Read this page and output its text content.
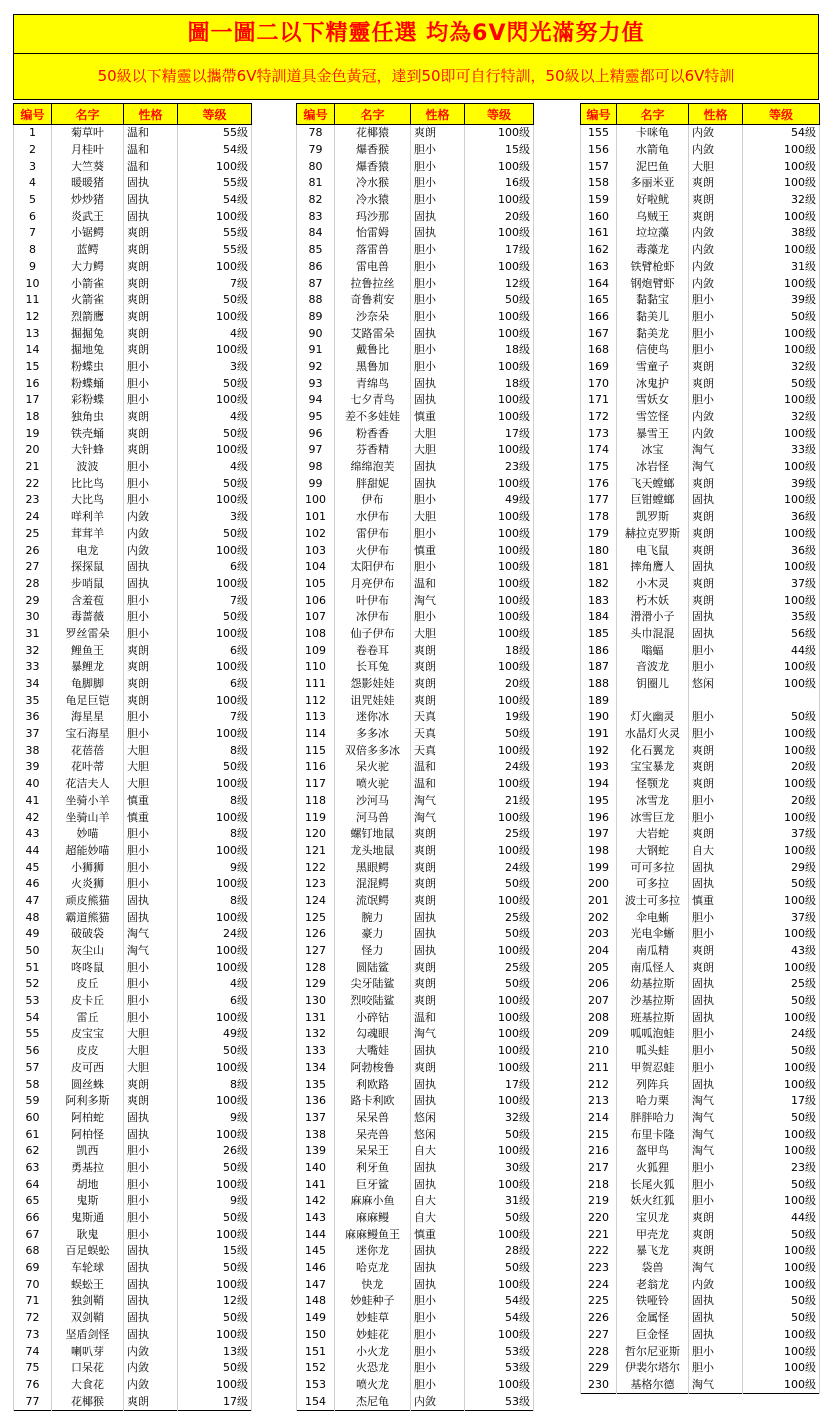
圖一圖二以下精靈任選 均為6V閃光滿努力值
50級以下精靈以攜帶6V特訓道具金色黃冠，達到50即可自行特訓，50級以上精靈都可以6V特訓
编号	名字	性格	等级
1	菊草叶	温和	55级
2	月桂叶	温和	54级
3	大竺葵	温和	100级
4	暖暖猪	固执	55级
5	炒炒猪	固执	54级
6	炎武王	固执	100级
7	小锯鳄	爽朗	55级
8	蓝鳄	爽朗	55级
9	大力鳄	爽朗	100级
10	小箭雀	爽朗	7级
11	火箭雀	爽朗	50级
12	烈箭鹰	爽朗	100级
13	掘掘兔	爽朗	4级
14	掘地兔	爽朗	100级
15	粉蝶虫	胆小	3级
16	粉蝶蛹	胆小	50级
17	彩粉蝶	胆小	100级
18	独角虫	爽朗	4级
19	铁壳蛹	爽朗	50级
20	大针蜂	爽朗	100级
21	波波	胆小	4级
22	比比鸟	胆小	50级
23	大比鸟	胆小	100级
24	咩利羊	内敛	3级
25	茸茸羊	内敛	50级
26	电龙	内敛	100级
27	探探鼠	固执	6级
28	步哨鼠	固执	100级
29	含羞苞	胆小	7级
30	毒蔷薇	胆小	50级
31	罗丝雷朵	胆小	100级
32	鲤鱼王	爽朗	6级
33	暴鲤龙	爽朗	100级
34	龟脚脚	爽朗	6级
35	龟足巨铠	爽朗	100级
36	海星星	胆小	7级
37	宝石海星	胆小	100级
38	花蓓蓓	大胆	8级
39	花叶蒂	大胆	50级
40	花洁夫人	大胆	100级
41	坐骑小羊	慎重	8级
42	坐骑山羊	慎重	100级
43	妙喵	胆小	8级
44	超能妙喵	胆小	100级
45	小狮狮	胆小	9级
46	火炎狮	胆小	100级
47	顽皮熊猫	固执	8级
48	霸道熊猫	固执	100级
49	破破袋	淘气	24级
50	灰尘山	淘气	100级
51	咚咚鼠	胆小	100级
52	皮丘	胆小	4级
53	皮卡丘	胆小	6级
54	雷丘	胆小	100级
55	皮宝宝	大胆	49级
56	皮皮	大胆	50级
57	皮可西	大胆	100级
58	圆丝蛛	爽朗	8级
59	阿利多斯	爽朗	100级
60	阿柏蛇	固执	9级
61	阿柏怪	固执	100级
62	凯西	胆小	26级
63	勇基拉	胆小	50级
64	胡地	胆小	100级
65	鬼斯	胆小	9级
66	鬼斯通	胆小	50级
67	耿鬼	胆小	100级
68	百足蜈蚣	固执	15级
69	车轮球	固执	50级
70	蜈蚣王	固执	100级
71	独剑鞘	固执	12级
72	双剑鞘	固执	50级
73	坚盾剑怪	固执	100级
74	喇叭芽	内敛	13级
75	口呆花	内敛	50级
76	大食花	内敛	100级
77	花椰猴	爽朗	17级
编号	名字	性格	等级
78	花椰猿	爽朗	100级
79	爆香猴	胆小	15级
80	爆香猿	胆小	100级
81	冷水猴	胆小	16级
82	冷水猿	胆小	100级
83	玛沙那	固执	20级
84	怡雷姆	固执	100级
85	落雷兽	胆小	17级
86	雷电兽	胆小	100级
87	拉鲁拉丝	胆小	12级
88	奇鲁莉安	胆小	50级
89	沙奈朵	胆小	100级
90	艾路雷朵	固执	100级
91	戴鲁比	胆小	18级
92	黑鲁加	胆小	100级
93	青绵鸟	固执	18级
94	七夕青鸟	固执	100级
95	差不多娃娃	慎重	100级
96	粉香香	大胆	17级
97	芬香精	大胆	100级
98	绵绵泡芙	固执	23级
99	胖甜妮	固执	100级
100	伊布	胆小	49级
101	水伊布	大胆	100级
102	雷伊布	胆小	100级
103	火伊布	慎重	100级
104	太阳伊布	胆小	100级
105	月亮伊布	温和	100级
106	叶伊布	淘气	100级
107	冰伊布	胆小	100级
108	仙子伊布	大胆	100级
109	卷卷耳	爽朗	18级
110	长耳兔	爽朗	100级
111	怨影娃娃	爽朗	20级
112	诅咒娃娃	爽朗	100级
113	迷你冰	天真	19级
114	多多冰	天真	50级
115	双倍多多冰	天真	100级
116	呆火驼	温和	24级
117	喷火驼	温和	100级
118	沙河马	淘气	21级
119	河马兽	淘气	100级
120	螺钉地鼠	爽朗	25级
121	龙头地鼠	爽朗	100级
122	黑眼鳄	爽朗	24级
123	混混鳄	爽朗	50级
124	流氓鳄	爽朗	100级
125	腕力	固执	25级
126	豪力	固执	50级
127	怪力	固执	100级
128	圆陆鲨	爽朗	25级
129	尖牙陆鲨	爽朗	50级
130	烈咬陆鲨	爽朗	100级
131	小碎钻	温和	100级
132	勾魂眼	淘气	100级
133	大嘴娃	固执	100级
134	阿勃梭鲁	爽朗	100级
135	利欧路	固执	17级
136	路卡利欧	固执	100级
137	呆呆兽	悠闲	32级
138	呆壳兽	悠闲	50级
139	呆呆王	自大	100级
140	利牙鱼	固执	30级
141	巨牙鲨	固执	100级
142	麻麻小鱼	自大	31级
143	麻麻鳗	自大	50级
144	麻麻鳗鱼王	慎重	100级
145	迷你龙	固执	28级
146	哈克龙	固执	50级
147	快龙	固执	100级
148	妙蛙种子	胆小	54级
149	妙蛙草	胆小	54级
150	妙蛙花	胆小	100级
151	小火龙	胆小	53级
152	火恐龙	胆小	53级
153	喷火龙	胆小	100级
154	杰尼龟	内敛	53级
编号	名字	性格	等级
155	卡咪龟	内敛	54级
156	水箭龟	内敛	100级
157	泥巴鱼	大胆	100级
158	多丽米亚	爽朗	100级
159	好啦鱿	爽朗	32级
160	乌贼王	爽朗	100级
161	垃垃藻	内敛	38级
162	毒藻龙	内敛	100级
163	铁臂枪虾	内敛	31级
164	钢炮臂虾	内敛	100级
165	黏黏宝	胆小	39级
166	黏美儿	胆小	50级
167	黏美龙	胆小	100级
168	信使鸟	胆小	100级
169	雪童子	爽朗	32级
170	冰鬼护	爽朗	50级
171	雪妖女	胆小	100级
172	雪笠怪	内敛	32级
173	暴雪王	内敛	100级
174	冰宝	淘气	33级
175	冰岩怪	淘气	100级
176	飞天螳螂	爽朗	39级
177	巨钳螳螂	固执	100级
178	凯罗斯	爽朗	36级
179	赫拉克罗斯	爽朗	100级
180	电飞鼠	爽朗	36级
181	摔角鹰人	固执	100级
182	小木灵	爽朗	37级
183	朽木妖	爽朗	100级
184	滑滑小子	固执	35级
185	头巾混混	固执	56级
186	嗡蝠	胆小	44级
187	音波龙	胆小	100级
188	钥圈儿	悠闲	100级
189			
190	灯火幽灵	胆小	50级
191	水晶灯火灵	胆小	100级
192	化石翼龙	爽朗	100级
193	宝宝暴龙	爽朗	20级
194	怪颚龙	爽朗	100级
195	冰雪龙	胆小	20级
196	冰雪巨龙	胆小	100级
197	大岩蛇	爽朗	37级
198	大钢蛇	自大	100级
199	可可多拉	固执	29级
200	可多拉	固执	50级
201	波士可多拉	慎重	100级
202	伞电蜥	胆小	37级
203	光电伞蜥	胆小	100级
204	南瓜精	爽朗	43级
205	南瓜怪人	爽朗	100级
206	幼基拉斯	固执	25级
207	沙基拉斯	固执	50级
208	班基拉斯	固执	100级
209	呱呱泡蛙	胆小	24级
210	呱头蛙	胆小	50级
211	甲贺忍蛙	胆小	100级
212	列阵兵	固执	100级
213	哈力栗	淘气	17级
214	胖胖哈力	淘气	50级
215	布里卡隆	淘气	100级
216	盔甲鸟	淘气	100级
217	火狐狸	胆小	23级
218	长尾火狐	胆小	50级
219	妖火红狐	胆小	100级
220	宝贝龙	爽朗	44级
221	甲壳龙	爽朗	50级
222	暴飞龙	爽朗	100级
223	袋兽	淘气	100级
224	老翁龙	内敛	100级
225	铁哑铃	固执	50级
226	金属怪	固执	50级
227	巨金怪	固执	100级
228	哲尔尼亚斯	胆小	100级
229	伊裴尔塔尔	胆小	100级
230	基格尔德	淘气	100级
